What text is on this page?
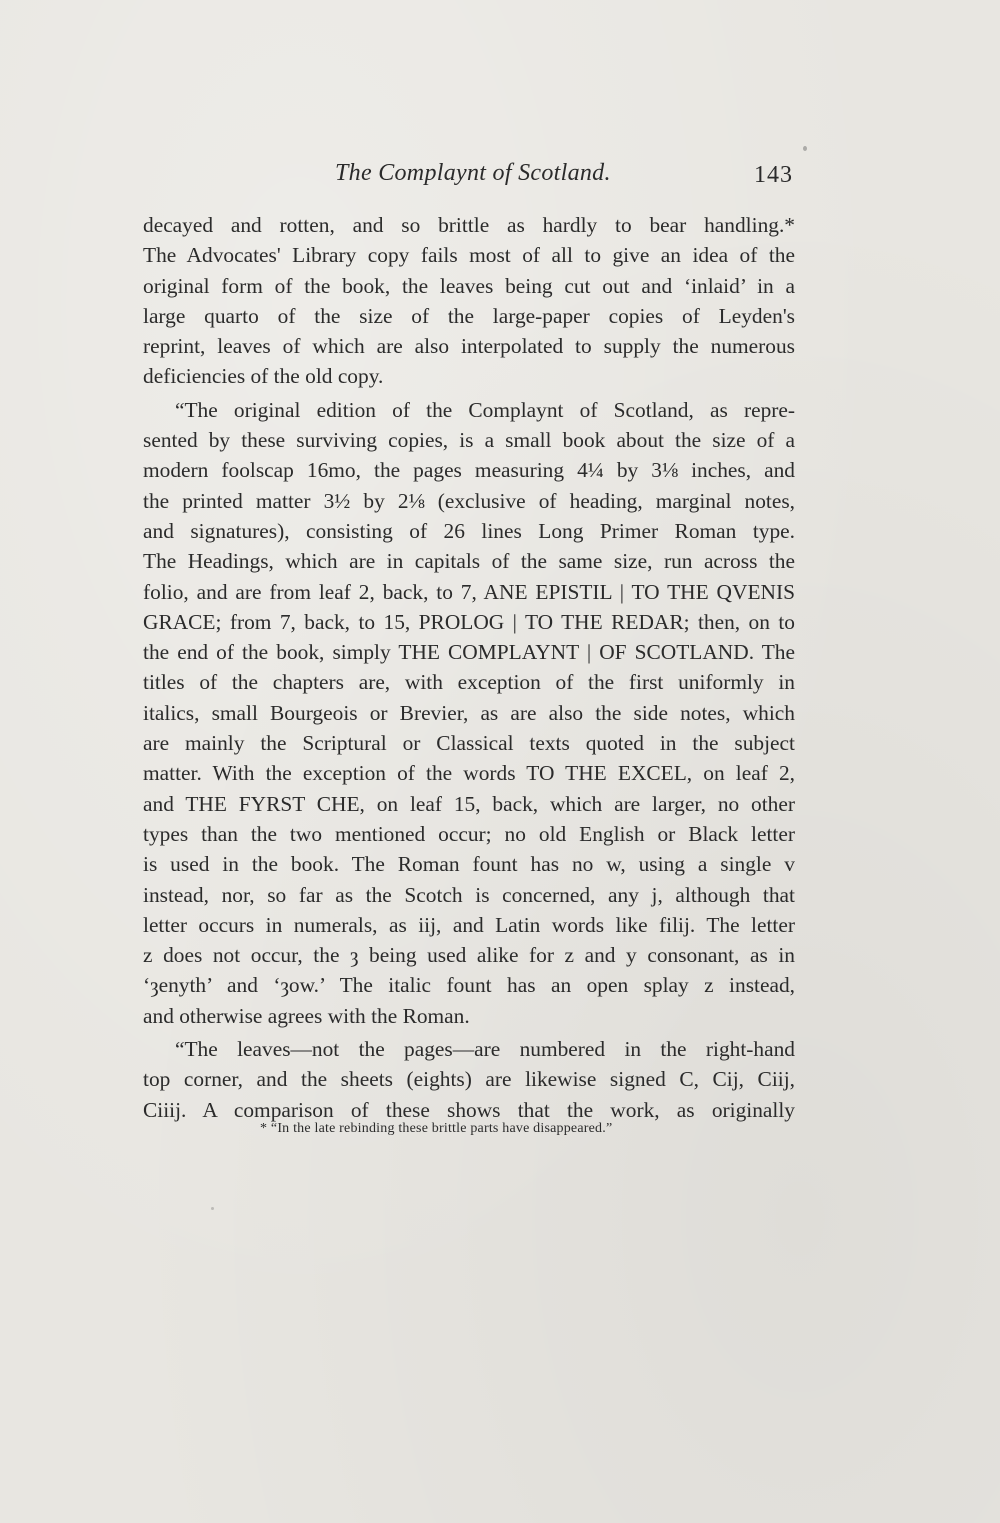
The Complaynt of Scotland.	143
decayed and rotten, and so brittle as hardly to bear handling.*
The Advocates' Library copy fails most of all to give an idea of the
original form of the book, the leaves being cut out and ‘inlaid’ in a
large quarto of the size of the large-paper copies of Leyden's
reprint, leaves of which are also interpolated to supply the numerous
deficiencies of the old copy.
“The original edition of the Complaynt of Scotland, as repre-
sented by these surviving copies, is a small book about the size of a
modern foolscap 16mo, the pages measuring 4¼ by 3⅛ inches, and
the printed matter 3½ by 2⅛ (exclusive of heading, marginal notes,
and signatures), consisting of 26 lines Long Primer Roman type.
The Headings, which are in capitals of the same size, run across the
folio, and are from leaf 2, back, to 7, ANE EPISTIL | TO THE QVENIS
GRACE; from 7, back, to 15, PROLOG | TO THE REDAR; then, on to
the end of the book, simply THE COMPLAYNT | OF SCOTLAND. The
titles of the chapters are, with exception of the first uniformly in
italics, small Bourgeois or Brevier, as are also the side notes, which
are mainly the Scriptural or Classical texts quoted in the subject
matter. With the exception of the words TO THE EXCEL, on leaf 2,
and THE FYRST CHE, on leaf 15, back, which are larger, no other
types than the two mentioned occur; no old English or Black letter
is used in the book. The Roman fount has no w, using a single v
instead, nor, so far as the Scotch is concerned, any j, although that
letter occurs in numerals, as iij, and Latin words like filij. The letter
z does not occur, the ȝ being used alike for z and y consonant, as in
‘ȝenyth’ and ‘ȝow.’ The italic fount has an open splay z instead,
and otherwise agrees with the Roman.
“The leaves—not the pages—are numbered in the right-hand
top corner, and the sheets (eights) are likewise signed C, Cij, Ciij,
Ciiij. A comparison of these shows that the work, as originally
* “In the late rebinding these brittle parts have disappeared.”
